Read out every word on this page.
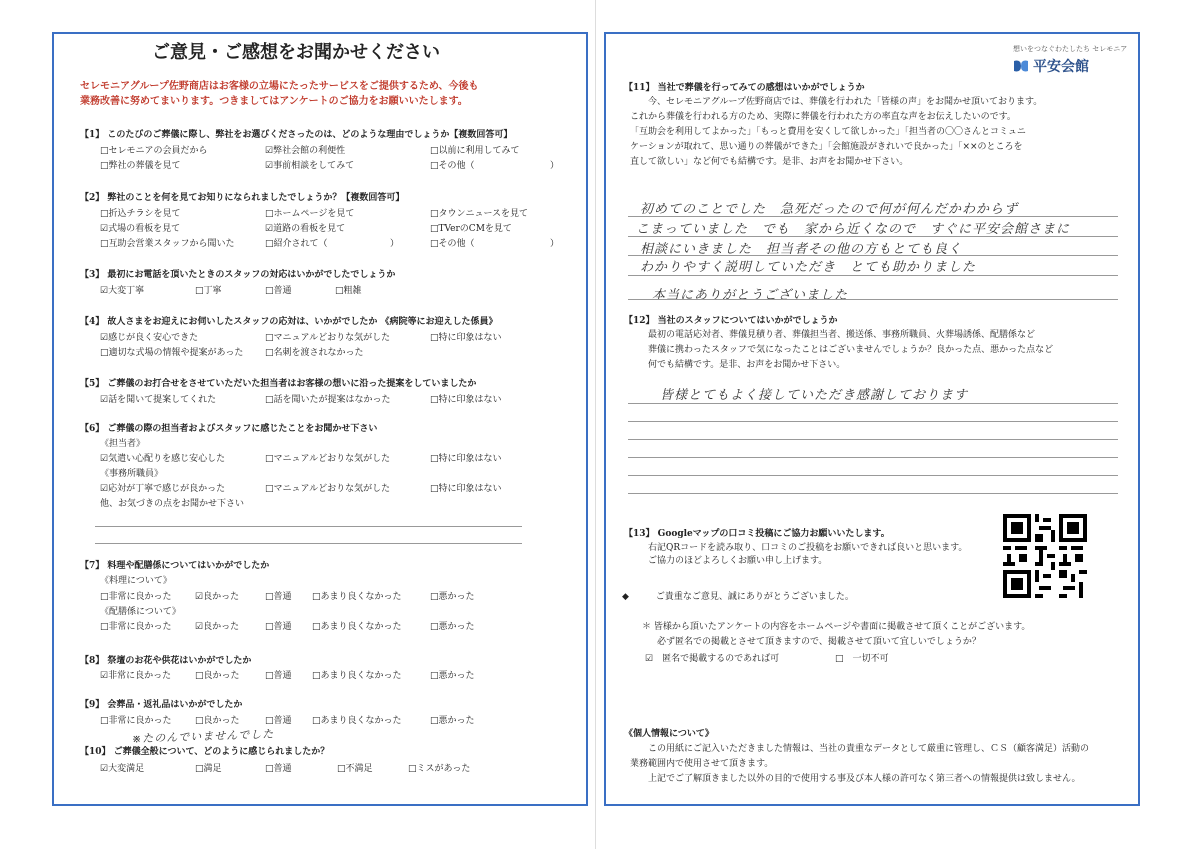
ご意見・ご感想をお聞かせください
セレモニアグループ佐野商店はお客様の立場にたったサービスをご提供するため、今後も
業務改善に努めてまいります。つきましてはアンケートのご協力をお願いいたします。
【1】 このたびのご葬儀に際し、弊社をお選びくださったのは、どのような理由でしょうか【複数回答可】
□セレモニアの会員だから	☑弊社会館の利便性	□以前に利用してみて
□弊社の葬儀を見て	☑事前相談をしてみて	□その他（	）
【2】 弊社のことを何を見てお知りになられましたでしょうか？【複数回答可】
□折込チラシを見て	□ホームページを見て	□タウンニュースを見て
☑式場の看板を見て	☑道路の看板を見て	□TVerのCMを見て
□互助会営業スタッフから聞いた	□紹介されて（	）	□その他（	）
【3】 最初にお電話を頂いたときのスタッフの対応はいかがでしたでしょうか
☑大変丁寧	□丁寧	□普通	□粗雑
【4】 故人さまをお迎えにお伺いしたスタッフの応対は、いかがでしたか 《病院等にお迎えした係員》
☑感じが良く安心できた	□マニュアルどおりな気がした	□特に印象はない
□適切な式場の情報や提案があった □名刺を渡されなかった
【5】 ご葬儀のお打合せをさせていただいた担当者はお客様の想いに沿った提案をしていましたか
☑話を聞いて提案してくれた	□話を聞いたが提案はなかった	□特に印象はない
【6】 ご葬儀の際の担当者およびスタッフに感じたことをお聞かせ下さい
《担当者》
☑気遣い心配りを感じ安心した	□マニュアルどおりな気がした	□特に印象はない
《事務所職員》
☑応対が丁寧で感じが良かった	□マニュアルどおりな気がした	□特に印象はない
他、お気づきの点をお聞かせ下さい
【7】 料理や配膳係についてはいかがでしたか
《料理について》
□非常に良かった	☑良かった	□普通 □あまり良くなかった	□悪かった
《配膳係について》
□非常に良かった	☑良かった	□普通 □あまり良くなかった	□悪かった
【8】 祭壇のお花や供花はいかがでしたか
☑非常に良かった	□良かった	□普通 □あまり良くなかった	□悪かった
【9】 会葬品・返礼品はいかがでしたか
□非常に良かった	□良かった	□普通 □あまり良くなかった	□悪かった
※たのんでいませんでした
【10】 ご葬儀全般について、どのように感じられましたか？
☑大変満足	□満足	□普通	□不満足	□ミスがあった
想いをつなぐわたしたち セレモニア
平安会館
【11】 当社で葬儀を行ってみての感想はいかがでしょうか
今、セレモニアグループ佐野商店では、葬儀を行われた「皆様の声」をお聞かせ頂いております。
これから葬儀を行われる方のため、実際に葬儀を行われた方の率直な声をお伝えしたいのです。
「互助会を利用してよかった」「もっと費用を安くして欲しかった」「担当者の〇〇さんとコミュニ
ケーションが取れて、思い通りの葬儀ができた」「会館施設がきれいで良かった」「××のところを
直して欲しい」など何でも結構です。是非、お声をお聞かせ下さい。
初めてのことでした　急死だったので何が何んだかわからず
こまっていました　でも　家から近くなので　すぐに平安会館さまに
相談にいきました　担当者その他の方もとても良く
わかりやすく説明していただき　とても助かりました
本当にありがとうございました
【12】 当社のスタッフについてはいかがでしょうか
最初の電話応対者、葬儀見積り者、葬儀担当者、搬送係、事務所職員、火葬場誘係、配膳係など
葬儀に携わったスタッフで気になったことはございませんでしょうか？良かった点、悪かった点など
何でも結構です。是非、お声をお聞かせ下さい。
皆様とてもよく接していただき感謝しております
【13】 Googleマップの口コミ投稿にご協力お願いいたします。
右記QRコードを読み取り、口コミのご投稿をお願いできれば良いと思います。
ご協力のほどよろしくお願い申し上げます。
◆　　　ご貴重なご意見、誠にありがとうございました。
＊ 皆様から頂いたアンケートの内容をホームページや書面に掲載させて頂くことがございます。
必ず匿名での掲載とさせて頂きますので、掲載させて頂いて宜しいでしょうか？
☑　匿名で掲載するのであれば可	□　一切不可
《個人情報について》
この用紙にご記入いただきました情報は、当社の貴重なデータとして厳重に管理し、ＣＳ（顧客満足）活動の
業務範囲内で使用させて頂きます。
上記でご了解頂きました以外の目的で使用する事及び本人様の許可なく第三者への情報提供は致しません。
